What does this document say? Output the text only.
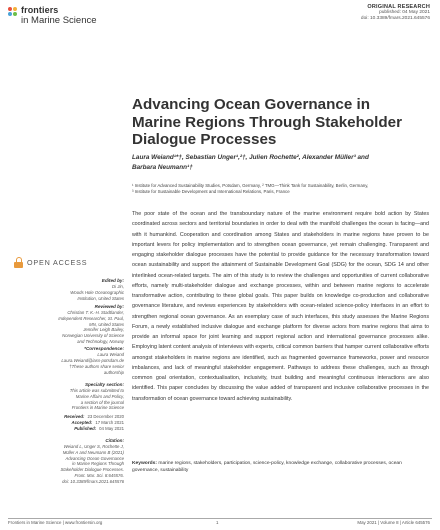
frontiers
in Marine Science
ORIGINAL RESEARCH
published: 04 May 2021
doi: 10.3389/fmars.2021.645576
Advancing Ocean Governance in Marine Regions Through Stakeholder Dialogue Processes
Laura Weiand¹*†, Sebastian Unger¹,²†, Julien Rochette², Alexander Müller³ and
Barbara Neumann¹†
¹ Institute for Advanced Sustainability Studies, Potsdam, Germany, ² TMG—Think Tank for Sustainability, Berlin, Germany,
³ Institute for Sustainable Development and International Relations, Paris, France
The poor state of the ocean and the transboundary nature of the marine environment require bold action by States coordinated across sectors and territorial boundaries in order to deal with the manifold challenges the ocean is facing—and with it humankind. Cooperation and coordination among States and stakeholders in marine regions have proven to be important levers for policy implementation and to strengthen ocean governance, yet remain challenging. Transparent and engaging stakeholder dialogue processes have the potential to provide guidance for the necessary transformation toward ocean sustainability and support the attainment of Sustainable Development Goal (SDG) for the ocean, SDG 14 and other interlinked ocean-related targets. The aim of this study is to review the challenges and opportunities of current collaborative efforts, namely multi-stakeholder dialogue and exchange processes, within and between marine regions to accelerate transformative action, contributing to these global goals. This paper builds on knowledge co-production and collaborative governance literature, and reviews experiences by stakeholders with ocean-related science-policy interfaces in an effort to strengthen regional ocean governance. As an exemplary case of such interfaces, this study assesses the Marine Regions Forum, a newly established inclusive dialogue and exchange platform for diverse actors from marine regions that aims to provide an informal space for joint learning and support regional action and international governance processes alike. Employing latent content analysis of interviews with experts, critical common barriers that hamper current collaborative efforts amongst stakeholders in marine regions are identified, such as fragmented governance frameworks, power and resource imbalances, and lack of meaningful stakeholder engagement. Pathways to address these challenges, such as through common goal orientation, contextualisation, inclusivity, trust building and meaningful continuous interactions are also identified. This paper concludes by discussing the value added of transparent and inclusive collaborative processes in the transformation of ocean governance toward achieving sustainability.
Keywords: marine regions, stakeholders, participation, science-policy, knowledge exchange, collaborative processes, ocean governance, sustainability
OPEN ACCESS
Edited by:
Di Jin,
Woods Hole Oceanographic
Institution, United States
Reviewed by:
Christian T. K.-H. Stadtlander,
Independent Researcher, St. Paul,
MN, United States
Jennifer Leigh Bailey,
Norwegian University of Science
and Technology, Norway
*Correspondence:
Laura Weiand
Laura.Weiand@iass-potsdam.de
†These authors share senior
authorship
Specialty section:
This article was submitted to
Marine Affairs and Policy,
a section of the journal
Frontiers in Marine Science
Received: 23 December 2020
Accepted: 17 March 2021
Published: 04 May 2021
Citation:
Weiand L, Unger S, Rochette J,
Müller A and Neumann B (2021)
Advancing Ocean Governance
in Marine Regions Through
Stakeholder Dialogue Processes.
Front. Mar. Sci. 8:645576.
doi: 10.3389/fmars.2021.645576
Frontiers in Marine Science | www.frontiersin.org	1	May 2021 | Volume 8 | Article 645576
